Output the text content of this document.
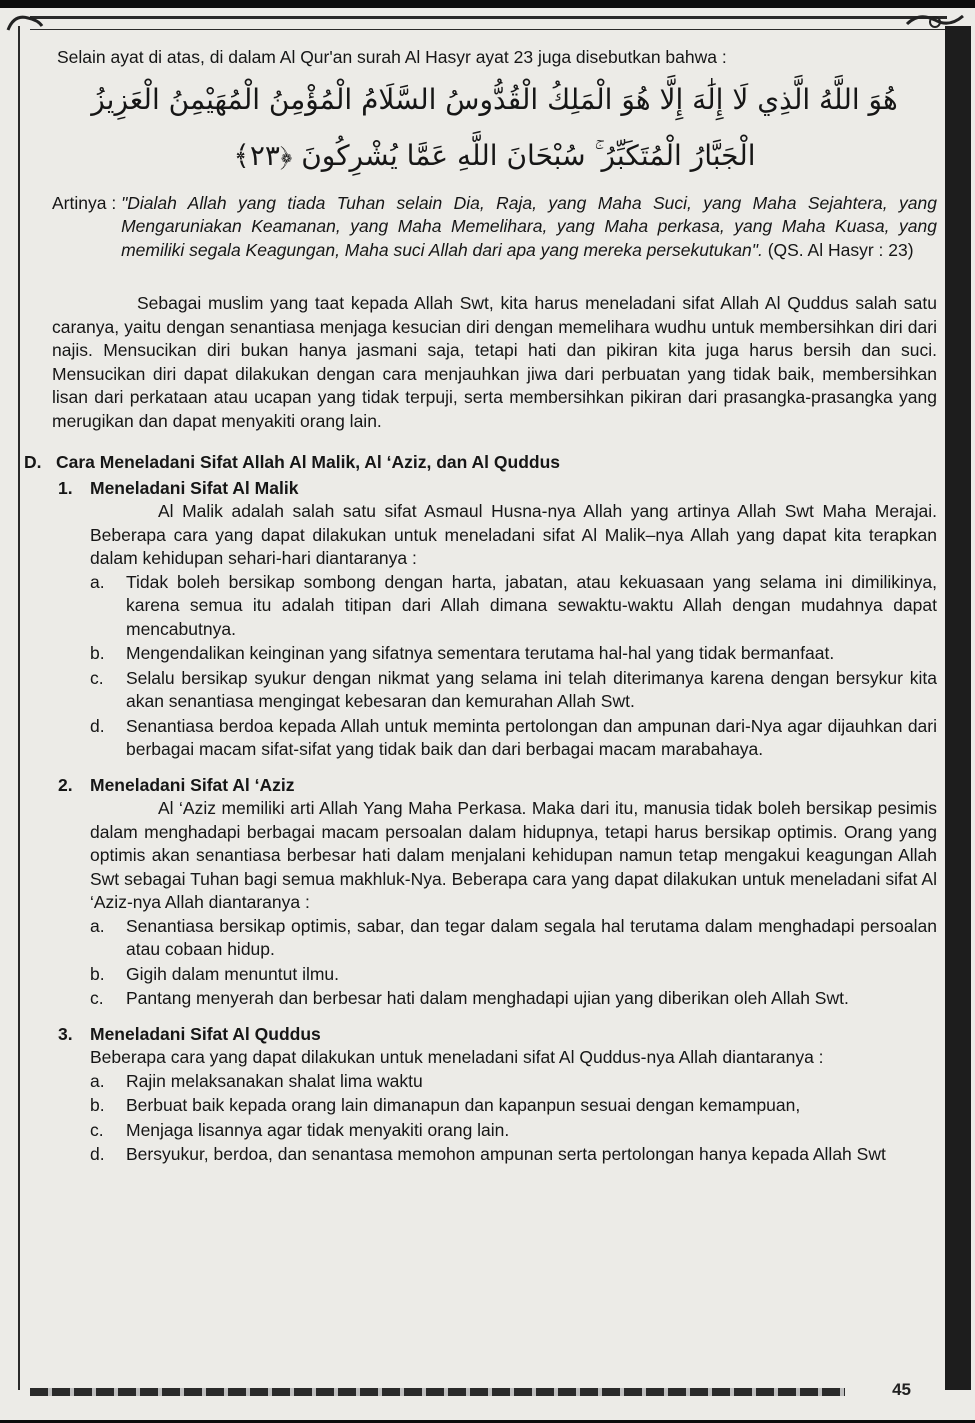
Selain ayat di atas, di dalam Al Qur'an surah Al Hasyr ayat 23 juga disebutkan bahwa :

هُوَ اللَّهُ الَّذِي لَا إِلَٰهَ إِلَّا هُوَ الْمَلِكُ الْقُدُّوسُ السَّلَامُ الْمُؤْمِنُ الْمُهَيْمِنُ الْعَزِيزُ

الْجَبَّارُ الْمُتَكَبِّرُ ۚ سُبْحَانَ اللَّهِ عَمَّا يُشْرِكُونَ ﴿٢٣﴾

Artinya : "Dialah Allah yang tiada Tuhan selain Dia, Raja, yang Maha Suci, yang Maha Sejahtera, yang Mengaruniakan Keamanan, yang Maha Memelihara, yang Maha perkasa, yang Maha Kuasa, yang memiliki segala Keagungan, Maha suci Allah dari apa yang mereka persekutukan". (QS. Al Hasyr : 23)

Sebagai muslim yang taat kepada Allah Swt, kita harus meneladani sifat Allah Al Quddus salah satu caranya, yaitu dengan senantiasa menjaga kesucian diri dengan memelihara wudhu untuk membersihkan diri dari najis. Mensucikan diri bukan hanya jasmani saja, tetapi hati dan pikiran kita juga harus bersih dan suci. Mensucikan diri dapat dilakukan dengan cara menjauhkan jiwa dari perbuatan yang tidak baik, membersihkan lisan dari perkataan atau ucapan yang tidak terpuji, serta membersihkan pikiran dari prasangka-prasangka yang merugikan dan dapat menyakiti orang lain.

D. Cara Meneladani Sifat Allah Al Malik, Al ‘Aziz, dan Al Quddus
1. Meneladani Sifat Al Malik

Al Malik adalah salah satu sifat Asmaul Husna-nya Allah yang artinya Allah Swt Maha Merajai. Beberapa cara yang dapat dilakukan untuk meneladani sifat Al Malik–nya Allah yang dapat kita terapkan dalam kehidupan sehari-hari diantaranya :

a.	Tidak boleh bersikap sombong dengan harta, jabatan, atau kekuasaan yang selama ini dimilikinya, karena semua itu adalah titipan dari Allah dimana sewaktu-waktu Allah dengan mudahnya dapat mencabutnya.
b.	Mengendalikan keinginan yang sifatnya sementara terutama hal-hal yang tidak bermanfaat.
c.	Selalu bersikap syukur dengan nikmat yang selama ini telah diterimanya karena dengan bersykur kita akan senantiasa mengingat kebesaran dan kemurahan Allah Swt.
d.	Senantiasa berdoa kepada Allah untuk meminta pertolongan dan ampunan dari-Nya agar dijauhkan dari berbagai macam sifat-sifat yang tidak baik dan dari berbagai macam marabahaya.
2. Meneladani Sifat Al ‘Aziz

Al ‘Aziz memiliki arti Allah Yang Maha Perkasa. Maka dari itu, manusia tidak boleh bersikap pesimis dalam menghadapi berbagai macam persoalan dalam hidupnya, tetapi harus bersikap optimis. Orang yang optimis akan senantiasa berbesar hati dalam menjalani kehidupan namun tetap mengakui keagungan Allah Swt sebagai Tuhan bagi semua makhluk-Nya. Beberapa cara yang dapat dilakukan untuk meneladani sifat Al ‘Aziz-nya Allah diantaranya :

a.	Senantiasa bersikap optimis, sabar, dan tegar dalam segala hal terutama dalam menghadapi persoalan atau cobaan hidup.
b.	Gigih dalam menuntut ilmu.
c.	Pantang menyerah dan berbesar hati dalam menghadapi ujian yang diberikan oleh Allah Swt.
3. Meneladani Sifat Al Quddus

Beberapa cara yang dapat dilakukan untuk meneladani sifat Al Quddus-nya Allah diantaranya :

a.	Rajin melaksanakan shalat lima waktu
b.	Berbuat baik kepada orang lain dimanapun dan kapanpun sesuai dengan kemampuan,
c.	Menjaga lisannya agar tidak menyakiti orang lain.
d.	Bersyukur, berdoa, dan senantasa memohon ampunan serta pertolongan hanya kepada Allah Swt
45
